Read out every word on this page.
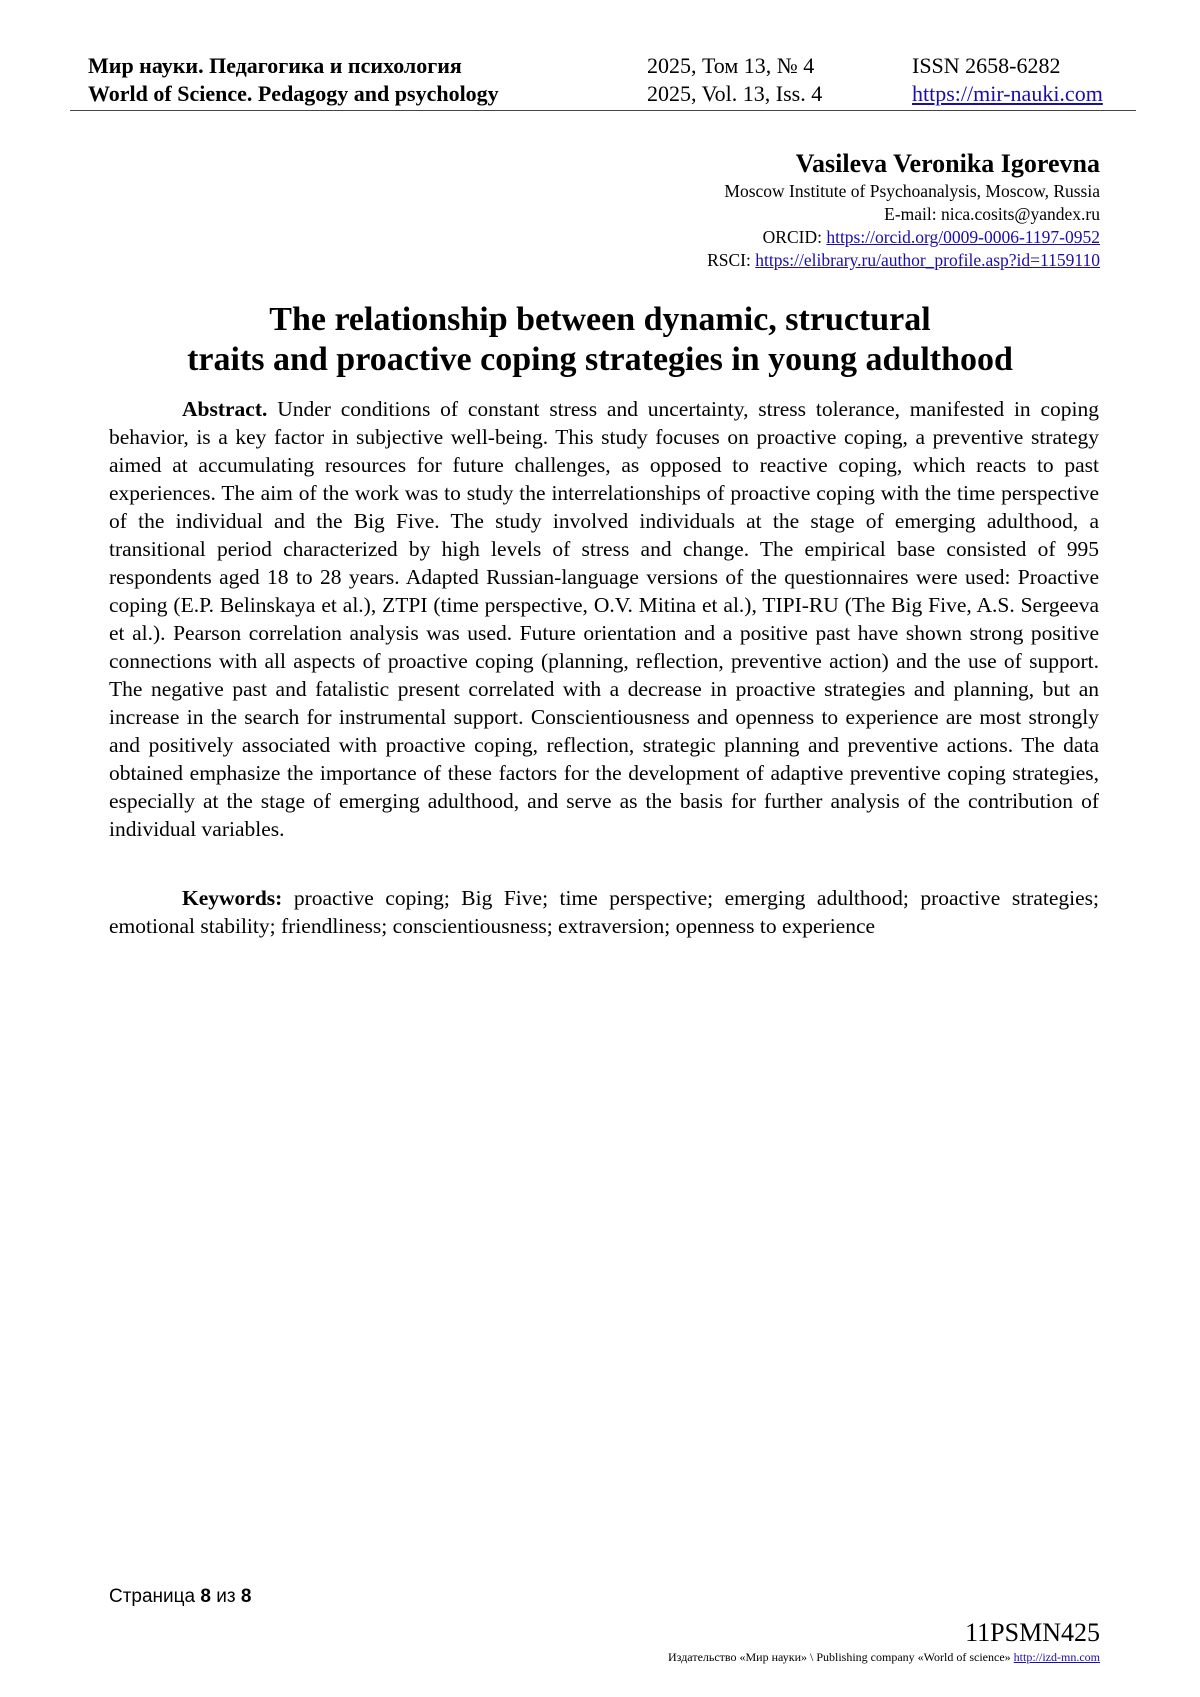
Мир науки. Педагогика и психология
World of Science. Pedagogy and psychology
2025, Том 13, № 4
2025, Vol. 13, Iss. 4
ISSN 2658-6282
https://mir-nauki.com
Vasileva Veronika Igorevna
Moscow Institute of Psychoanalysis, Moscow, Russia
E-mail: nica.cosits@yandex.ru
ORCID: https://orcid.org/0009-0006-1197-0952
RSCI: https://elibrary.ru/author_profile.asp?id=1159110
The relationship between dynamic, structural
traits and proactive coping strategies in young adulthood
Abstract. Under conditions of constant stress and uncertainty, stress tolerance, manifested in coping behavior, is a key factor in subjective well-being. This study focuses on proactive coping, a preventive strategy aimed at accumulating resources for future challenges, as opposed to reactive coping, which reacts to past experiences. The aim of the work was to study the interrelationships of proactive coping with the time perspective of the individual and the Big Five. The study involved individuals at the stage of emerging adulthood, a transitional period characterized by high levels of stress and change. The empirical base consisted of 995 respondents aged 18 to 28 years. Adapted Russian-language versions of the questionnaires were used: Proactive coping (E.P. Belinskaya et al.), ZTPI (time perspective, O.V. Mitina et al.), TIPI-RU (The Big Five, A.S. Sergeeva et al.). Pearson correlation analysis was used. Future orientation and a positive past have shown strong positive connections with all aspects of proactive coping (planning, reflection, preventive action) and the use of support. The negative past and fatalistic present correlated with a decrease in proactive strategies and planning, but an increase in the search for instrumental support. Conscientiousness and openness to experience are most strongly and positively associated with proactive coping, reflection, strategic planning and preventive actions. The data obtained emphasize the importance of these factors for the development of adaptive preventive coping strategies, especially at the stage of emerging adulthood, and serve as the basis for further analysis of the contribution of individual variables.
Keywords: proactive coping; Big Five; time perspective; emerging adulthood; proactive strategies; emotional stability; friendliness; conscientiousness; extraversion; openness to experience
Страница 8 из 8
11PSMN425
Издательство «Мир науки» \ Publishing company «World of science» http://izd-mn.com
